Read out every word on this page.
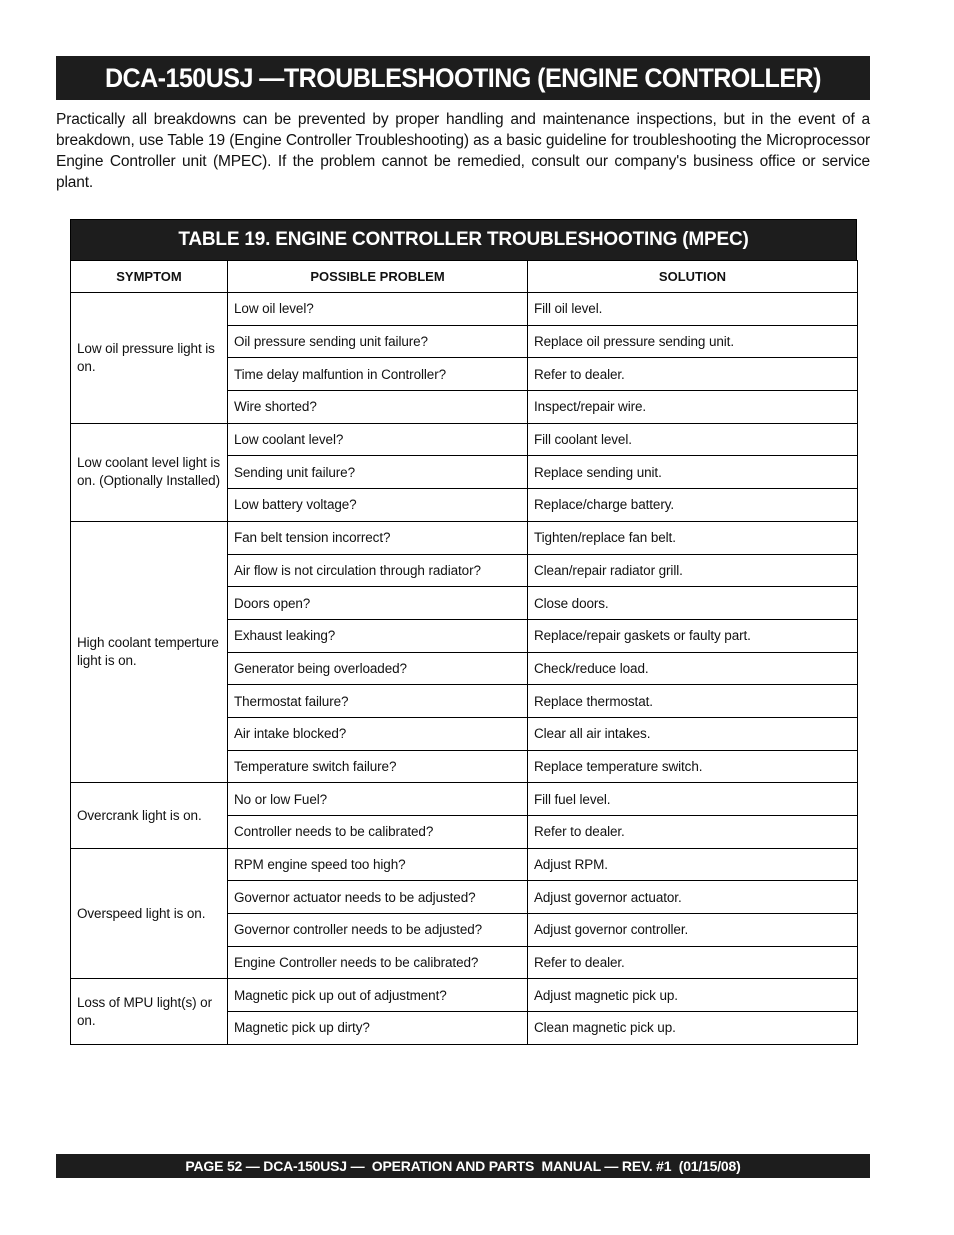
DCA-150USJ —TROUBLESHOOTING (ENGINE CONTROLLER)

Practically all breakdowns can be prevented by proper handling and maintenance inspections, but in the event of a breakdown, use Table 19 (Engine Controller Troubleshooting) as a basic guideline for troubleshooting the Microprocessor Engine Controller unit (MPEC). If the problem cannot be remedied, consult our company's business office or service plant.

TABLE 19. ENGINE CONTROLLER TROUBLESHOOTING (MPEC)
SYMPTOM	POSSIBLE PROBLEM	SOLUTION
Low oil pressure light is on.	Low oil level?	Fill oil level.
	Oil pressure sending unit failure?	Replace oil pressure sending unit.
	Time delay malfuntion in Controller?	Refer to dealer.
	Wire shorted?	Inspect/repair wire.
Low coolant level light is on. (Optionally Installed)	Low coolant level?	Fill coolant level.
	Sending unit failure?	Replace sending unit.
	Low battery voltage?	Replace/charge battery.
High coolant temperture light is on.	Fan belt tension incorrect?	Tighten/replace fan belt.
	Air flow is not circulation through radiator?	Clean/repair radiator grill.
	Doors open?	Close doors.
	Exhaust leaking?	Replace/repair gaskets or faulty part.
	Generator being overloaded?	Check/reduce load.
	Thermostat failure?	Replace thermostat.
	Air intake blocked?	Clear all air intakes.
	Temperature switch failure?	Replace temperature switch.
Overcrank light is on.	No or low Fuel?	Fill fuel level.
	Controller needs to be calibrated?	Refer to dealer.
Overspeed light is on.	RPM engine speed too high?	Adjust RPM.
	Governor actuator needs to be adjusted?	Adjust governor actuator.
	Governor controller needs to be adjusted?	Adjust governor controller.
	Engine Controller needs to be calibrated?	Refer to dealer.
Loss of MPU light(s) or on.	Magnetic pick up out of adjustment?	Adjust magnetic pick up.
	Magnetic pick up dirty?	Clean magnetic pick up.
PAGE 52 — DCA-150USJ —  OPERATION AND PARTS  MANUAL — REV. #1  (01/15/08)
